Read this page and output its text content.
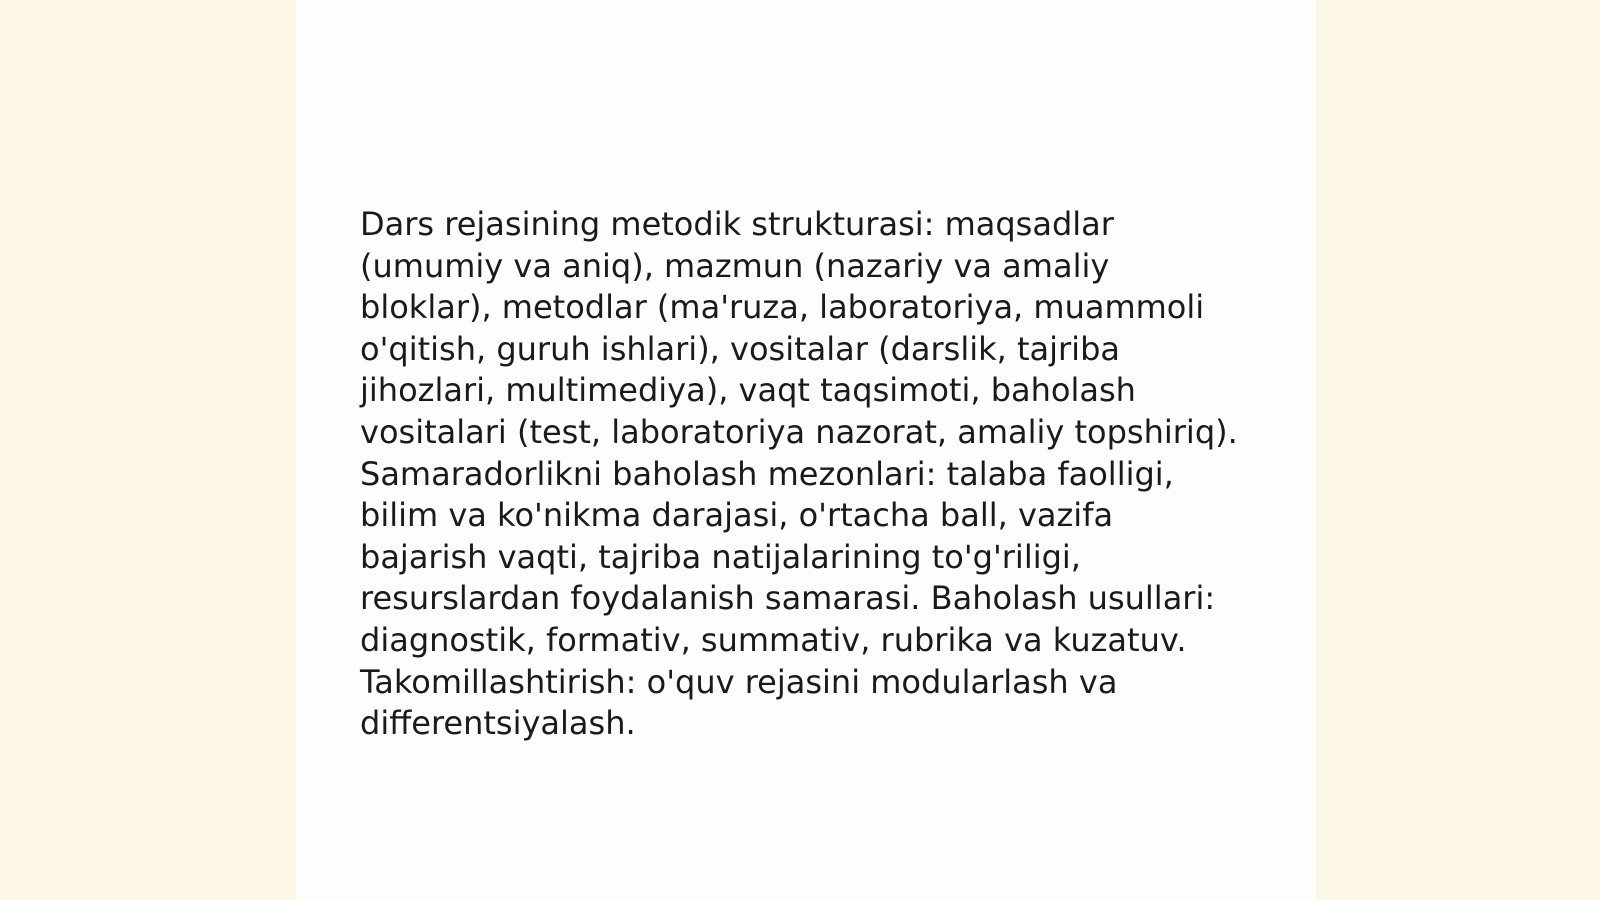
Dars rejasining metodik strukturasi: maqsadlar
(umumiy va aniq), mazmun (nazariy va amaliy
bloklar), metodlar (ma'ruza, laboratoriya, muammoli
o'qitish, guruh ishlari), vositalar (darslik, tajriba
jihozlari, multimediya), vaqt taqsimoti, baholash
vositalari (test, laboratoriya nazorat, amaliy topshiriq).
Samaradorlikni baholash mezonlari: talaba faolligi,
bilim va ko'nikma darajasi, o'rtacha ball, vazifa
bajarish vaqti, tajriba natijalarining to'g'riligi,
resurslardan foydalanish samarasi. Baholash usullari:
diagnostik, formativ, summativ, rubrika va kuzatuv.
Takomillashtirish: o'quv rejasini modularlash va
differentsiyalash.
